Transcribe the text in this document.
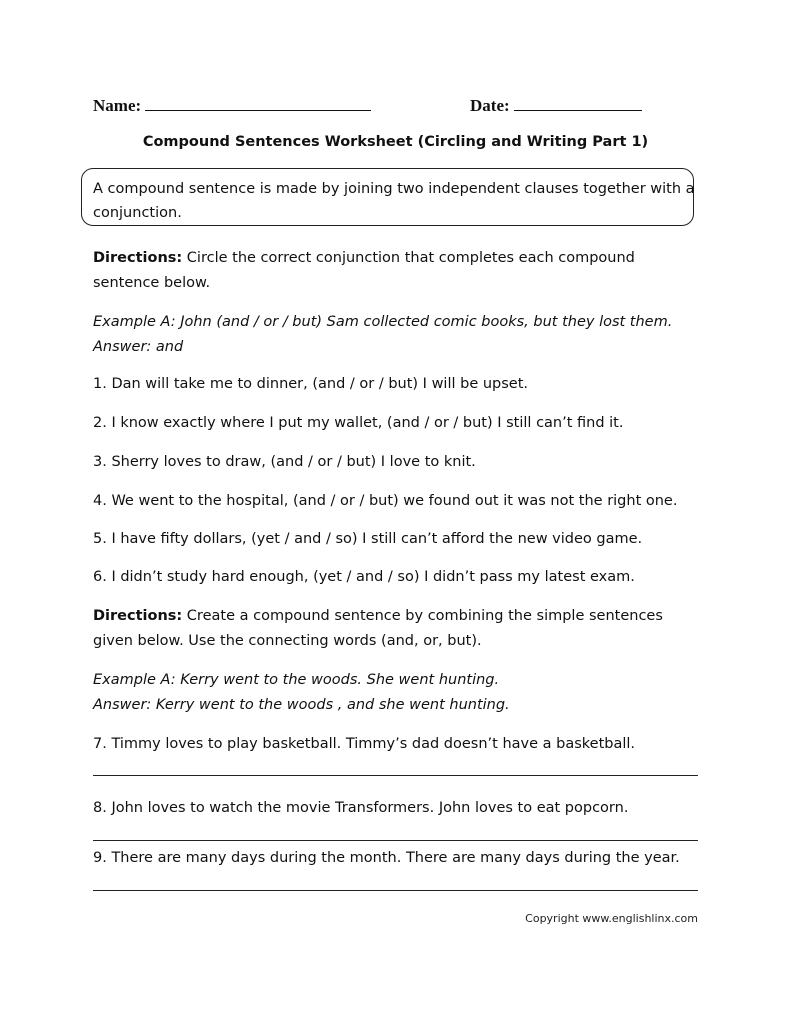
Name:	Date:
Compound Sentences Worksheet (Circling and Writing Part 1)
A compound sentence is made by joining two independent clauses together with a
conjunction.
Directions: Circle the correct conjunction that completes each compound
sentence below.
Example A: John (and / or / but) Sam collected comic books, but they lost them.
Answer: and
1. Dan will take me to dinner, (and / or / but) I will be upset.
2. I know exactly where I put my wallet, (and / or / but) I still can’t find it.
3. Sherry loves to draw, (and / or / but) I love to knit.
4. We went to the hospital, (and / or / but) we found out it was not the right one.
5. I have fifty dollars, (yet / and / so) I still can’t afford the new video game.
6. I didn’t study hard enough, (yet / and / so) I didn’t pass my latest exam.
Directions: Create a compound sentence by combining the simple sentences
given below. Use the connecting words (and, or, but).
Example A: Kerry went to the woods. She went hunting.
Answer: Kerry went to the woods , and she went hunting.
7. Timmy loves to play basketball. Timmy’s dad doesn’t have a basketball.
8. John loves to watch the movie Transformers. John loves to eat popcorn.
9. There are many days during the month. There are many days during the year.
Copyright www.englishlinx.com
